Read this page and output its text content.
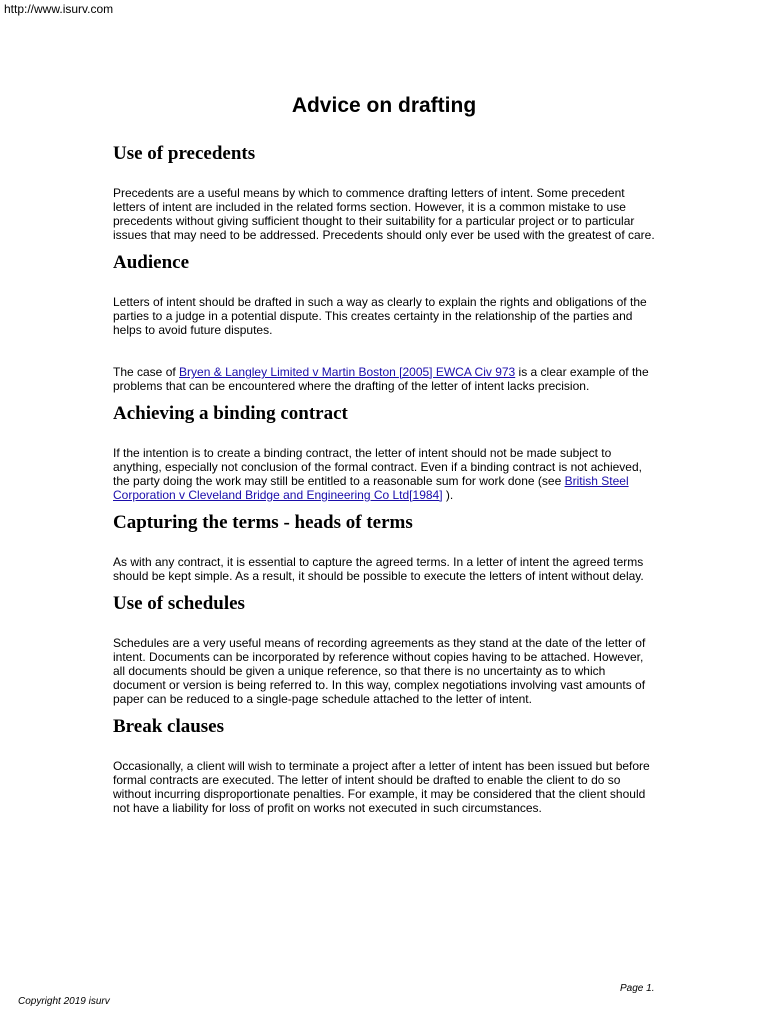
http://www.isurv.com
Advice on drafting
Use of precedents

Precedents are a useful means by which to commence drafting letters of intent. Some precedent letters of intent are included in the related forms section. However, it is a common mistake to use precedents without giving sufficient thought to their suitability for a particular project or to particular issues that may need to be addressed. Precedents should only ever be used with the greatest of care.

Audience

Letters of intent should be drafted in such a way as clearly to explain the rights and obligations of the parties to a judge in a potential dispute. This creates certainty in the relationship of the parties and helps to avoid future disputes.

The case of Bryen & Langley Limited v Martin Boston [2005] EWCA Civ 973 is a clear example of the problems that can be encountered where the drafting of the letter of intent lacks precision.

Achieving a binding contract

If the intention is to create a binding contract, the letter of intent should not be made subject to anything, especially not conclusion of the formal contract. Even if a binding contract is not achieved, the party doing the work may still be entitled to a reasonable sum for work done (see British Steel Corporation v Cleveland Bridge and Engineering Co Ltd[1984] ).

Capturing the terms - heads of terms

As with any contract, it is essential to capture the agreed terms. In a letter of intent the agreed terms should be kept simple. As a result, it should be possible to execute the letters of intent without delay.

Use of schedules

Schedules are a very useful means of recording agreements as they stand at the date of the letter of intent. Documents can be incorporated by reference without copies having to be attached. However, all documents should be given a unique reference, so that there is no uncertainty as to which document or version is being referred to. In this way, complex negotiations involving vast amounts of paper can be reduced to a single-page schedule attached to the letter of intent.

Break clauses

Occasionally, a client will wish to terminate a project after a letter of intent has been issued but before formal contracts are executed. The letter of intent should be drafted to enable the client to do so without incurring disproportionate penalties. For example, it may be considered that the client should not have a liability for loss of profit on works not executed in such circumstances.

Page 1.
Copyright 2019 isurv
